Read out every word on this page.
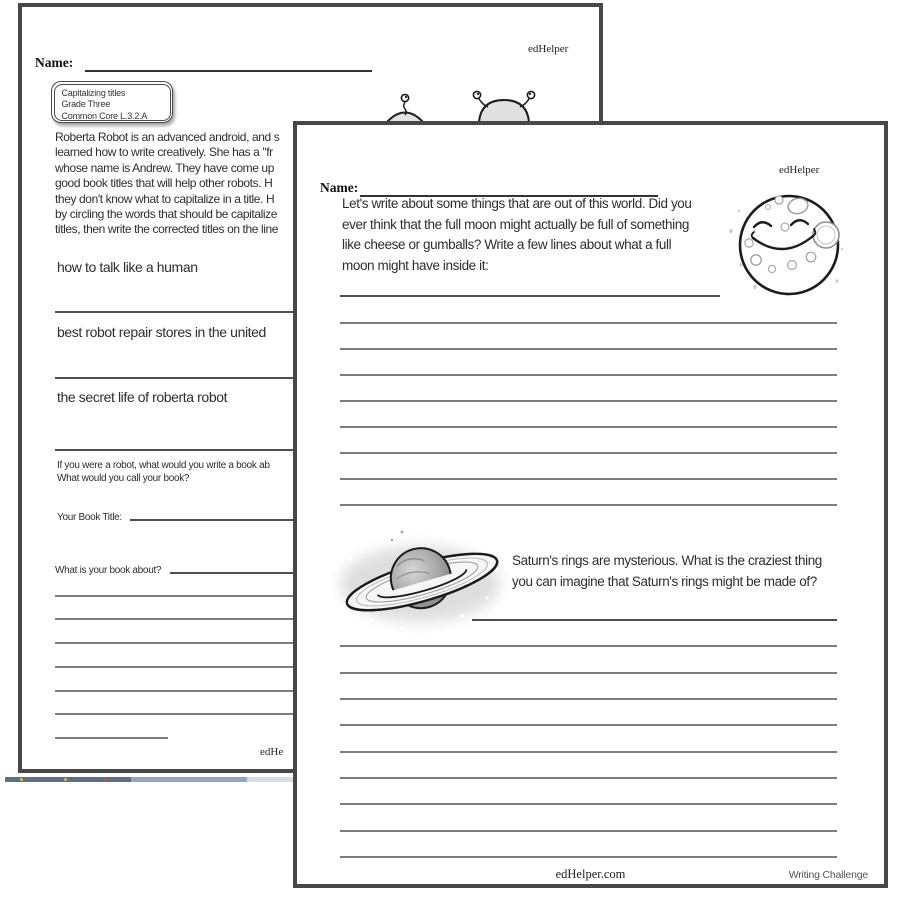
edHelper
Name:
Capitalizing titles
Grade Three
Common Core L.3.2.A
Roberta Robot is an advanced android, and s
learned how to write creatively. She has a "fr
whose name is Andrew. They have come up
good book titles that will help other robots. H
they don't know what to capitalize in a title. H
by circling the words that should be capitalize
titles, then write the corrected titles on the line
how to talk like a human
best robot repair stores in the united
the secret life of roberta robot
If you were a robot, what would you write a book ab
What would you call your book?
Your Book Title:
What is your book about?
edHe
edHelper
Name:
Let's write about some things that are out of this world. Did you
ever think that the full moon might actually be full of something
like cheese or gumballs? Write a few lines about what a full
moon might have inside it:
Saturn's rings are mysterious. What is the craziest thing
you can imagine that Saturn's rings might be made of?
edHelper.com	Writing Challenge
